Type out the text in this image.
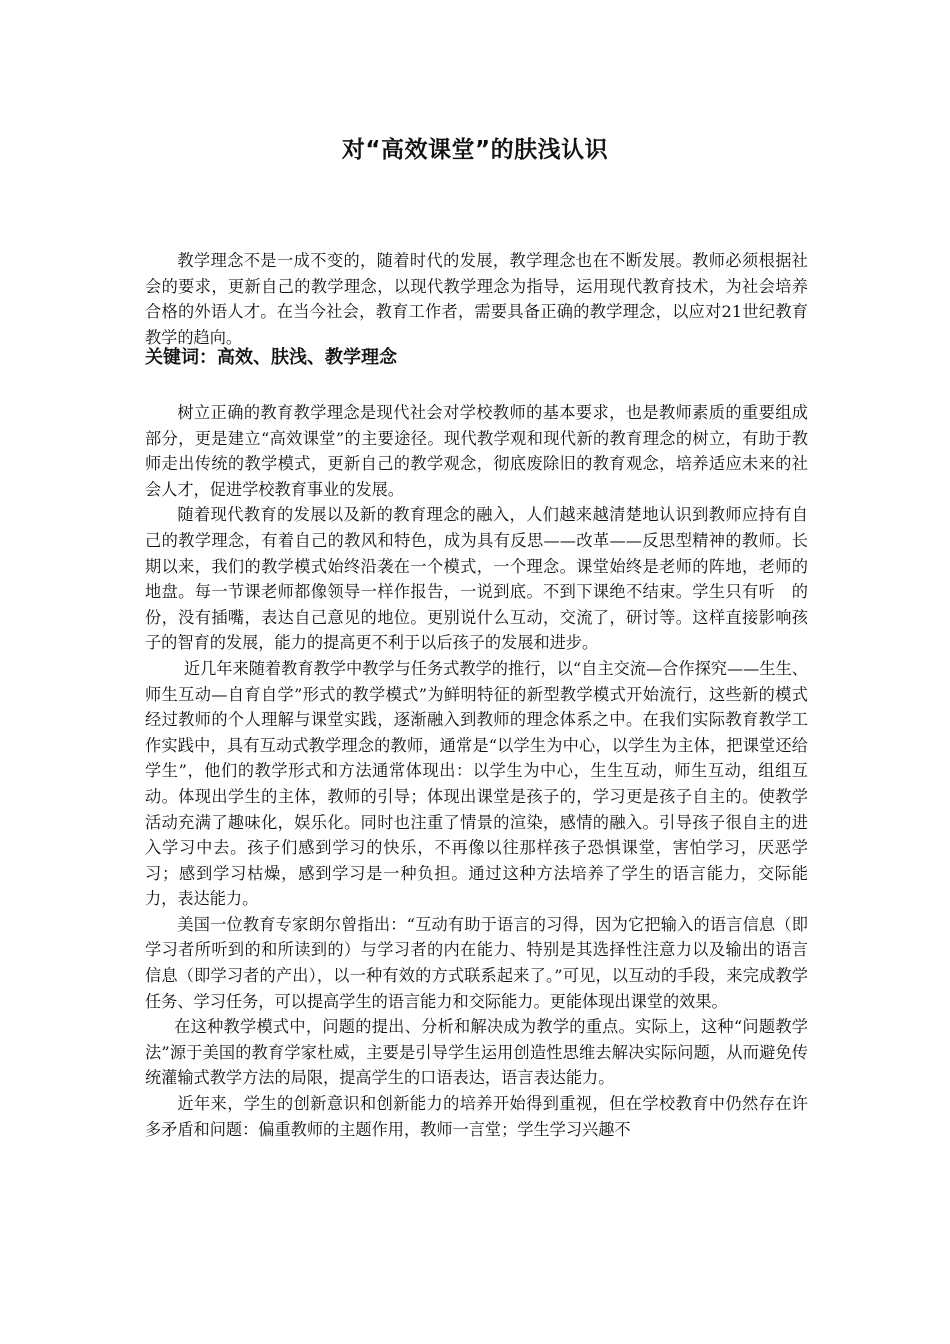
对“高效课堂”的肤浅认识

教学理念不是一成不变的，随着时代的发展，教学理念也在不断发展。教师必须根据社会的要求，更新自己的教学理念，以现代教学理念为指导，运用现代教育技术，为社会培养合格的外语人才。在当今社会，教育工作者，需要具备正确的教学理念，以应对21世纪教育教学的趋向。

关键词：高效、肤浅、教学理念

树立正确的教育教学理念是现代社会对学校教师的基本要求，也是教师素质的重要组成部分，更是建立“高效课堂”的主要途径。现代教学观和现代新的教育理念的树立，有助于教师走出传统的教学模式，更新自己的教学观念，彻底废除旧的教育观念，培养适应未来的社会人才，促进学校教育事业的发展。

随着现代教育的发展以及新的教育理念的融入，人们越来越清楚地认识到教师应持有自己的教学理念，有着自己的教风和特色，成为具有反思——改革——反思型精神的教师。长期以来，我们的教学模式始终沿袭在一个模式，一个理念。课堂始终是老师的阵地，老师的地盘。每一节课老师都像领导一样作报告，一说到底。不到下课绝不结束。学生只有听　的份，没有插嘴，表达自己意见的地位。更别说什么互动，交流了，研讨等。这样直接影响孩子的智育的发展，能力的提高更不利于以后孩子的发展和进步。

近几年来随着教育教学中教学与任务式教学的推行，以“自主交流—合作探究——生生、师生互动—自育自学”形式的教学模式”为鲜明特征的新型教学模式开始流行，这些新的模式经过教师的个人理解与课堂实践，逐渐融入到教师的理念体系之中。在我们实际教育教学工作实践中，具有互动式教学理念的教师，通常是“以学生为中心，以学生为主体，把课堂还给学生”，他们的教学形式和方法通常体现出：以学生为中心，生生互动，师生互动，组组互动。体现出学生的主体，教师的引导；体现出课堂是孩子的，学习更是孩子自主的。使教学活动充满了趣味化，娱乐化。同时也注重了情景的渲染，感情的融入。引导孩子很自主的进入学习中去。孩子们感到学习的快乐，不再像以往那样孩子恐惧课堂，害怕学习，厌恶学习；感到学习枯燥，感到学习是一种负担。通过这种方法培养了学生的语言能力，交际能力，表达能力。

美国一位教育专家朗尔曾指出：“互动有助于语言的习得，因为它把输入的语言信息（即学习者所听到的和所读到的）与学习者的内在能力、特别是其选择性注意力以及输出的语言信息（即学习者的产出），以一种有效的方式联系起来了。”可见，以互动的手段，来完成教学任务、学习任务，可以提高学生的语言能力和交际能力。更能体现出课堂的效果。

在这种教学模式中，问题的提出、分析和解决成为教学的重点。实际上，这种“问题教学法”源于美国的教育学家杜威，主要是引导学生运用创造性思维去解决实际问题，从而避免传统灌输式教学方法的局限，提高学生的口语表达，语言表达能力。

近年来，学生的创新意识和创新能力的培养开始得到重视，但在学校教育中仍然存在许多矛盾和问题：偏重教师的主题作用，教师一言堂；学生学习兴趣不
